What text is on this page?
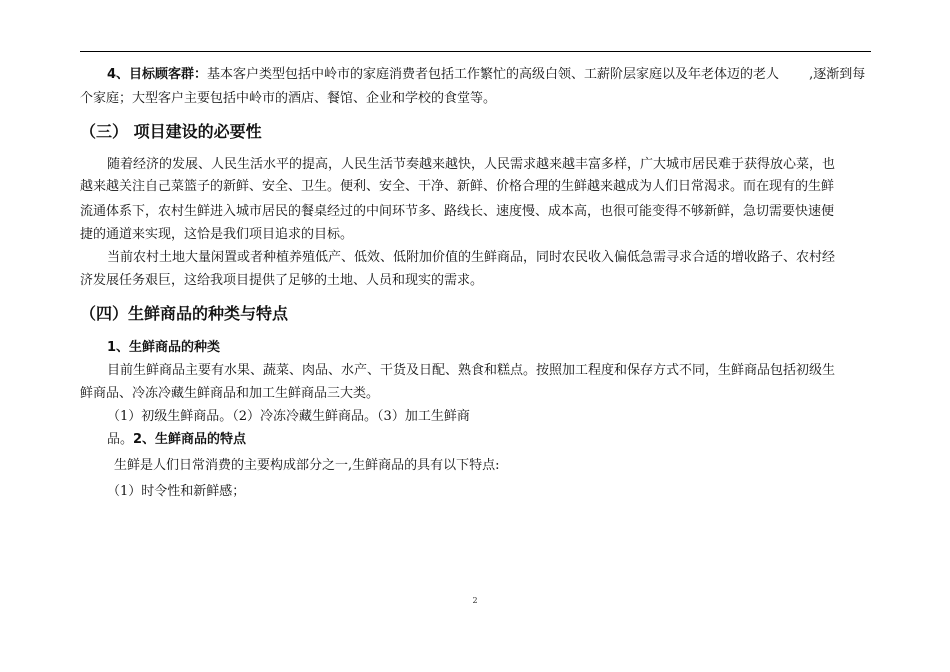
4、目标顾客群：基本客户类型包括中岭市的家庭消费者包括工作繁忙的高级白领、工薪阶层家庭以及年老体迈的老人 ,逐渐到每
个家庭；大型客户主要包括中岭市的酒店、餐馆、企业和学校的食堂等。
（三） 项目建设的必要性
随着经济的发展、人民生活水平的提高，人民生活节奏越来越快，人民需求越来越丰富多样，广大城市居民难于获得放心菜，也
越来越关注自己菜篮子的新鲜、安全、卫生。便利、安全、干净、新鲜、价格合理的生鲜越来越成为人们日常渴求。而在现有的生鲜
流通体系下，农村生鲜进入城市居民的餐桌经过的中间环节多、路线长、速度慢、成本高，也很可能变得不够新鲜，急切需要快速便
捷的通道来实现，这恰是我们项目追求的目标。
当前农村土地大量闲置或者种植养殖低产、低效、低附加价值的生鲜商品，同时农民收入偏低急需寻求合适的增收路子、农村经
济发展任务艰巨，这给我项目提供了足够的土地、人员和现实的需求。
（四）生鲜商品的种类与特点
1、生鲜商品的种类
目前生鲜商品主要有水果、蔬菜、肉品、水产、干货及日配、熟食和糕点。按照加工程度和保存方式不同，生鲜商品包括初级生
鲜商品、冷冻冷藏生鲜商品和加工生鲜商品三大类。
（1）初级生鲜商品。（2）冷冻冷藏生鲜商品。（3）加工生鲜商
品。2、生鲜商品的特点
生鲜是人们日常消费的主要构成部分之一,生鲜商品的具有以下特点:
（1）时令性和新鲜感；
2
